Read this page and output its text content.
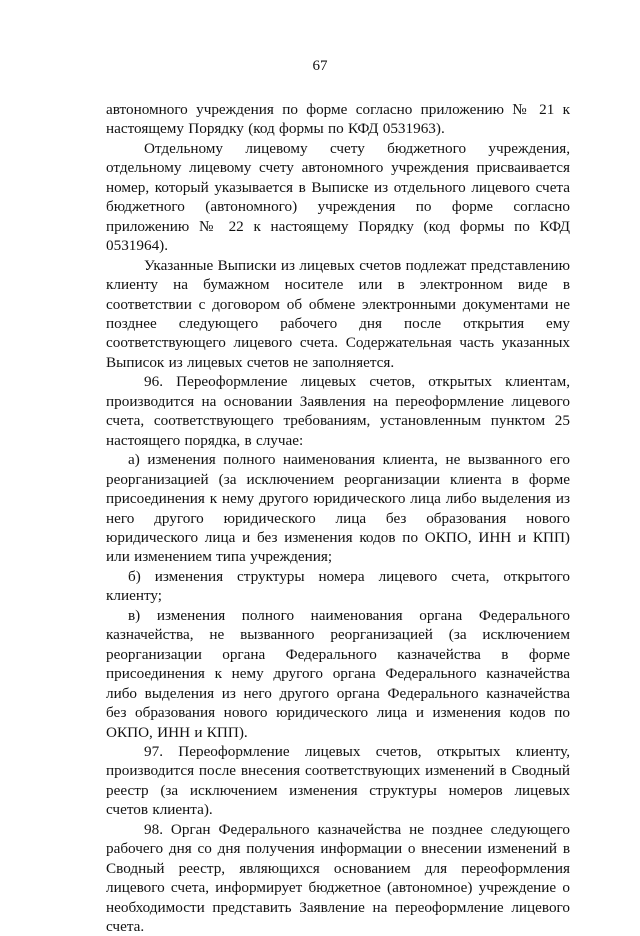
67

автономного учреждения по форме согласно приложению № 21 к настоящему Порядку (код формы по КФД 0531963).

Отдельному лицевому счету бюджетного учреждения, отдельному лицевому счету автономного учреждения присваивается номер, который указывается в Выписке из отдельного лицевого счета бюджетного (автономного) учреждения по форме согласно приложению № 22 к настоящему Порядку (код формы по КФД 0531964).

Указанные Выписки из лицевых счетов подлежат представлению клиенту на бумажном носителе или в электронном виде в соответствии с договором об обмене электронными документами не позднее следующего рабочего дня после открытия ему соответствующего лицевого счета. Содержательная часть указанных Выписок из лицевых счетов не заполняется.

96. Переоформление лицевых счетов, открытых клиентам, производится на основании Заявления на переоформление лицевого счета, соответствующего требованиям, установленным пунктом 25 настоящего порядка, в случае:

а) изменения полного наименования клиента, не вызванного его реорганизацией (за исключением реорганизации клиента в форме присоединения к нему другого юридического лица либо выделения из него другого юридического лица без образования нового юридического лица и без изменения кодов по ОКПО, ИНН и КПП) или изменением типа учреждения;

б) изменения структуры номера лицевого счета, открытого клиенту;

в) изменения полного наименования органа Федерального казначейства, не вызванного реорганизацией (за исключением реорганизации органа Федерального казначейства в форме присоединения к нему другого органа Федерального казначейства либо выделения из него другого органа Федерального казначейства без образования нового юридического лица и изменения кодов по ОКПО, ИНН и КПП).

97. Переоформление лицевых счетов, открытых клиенту, производится после внесения соответствующих изменений в Сводный реестр (за исключением изменения структуры номеров лицевых счетов клиента).

98. Орган Федерального казначейства не позднее следующего рабочего дня со дня получения информации о внесении изменений в Сводный реестр, являющихся основанием для переоформления лицевого счета, информирует бюджетное (автономное) учреждение о необходимости представить Заявление на переоформление лицевого счета.
